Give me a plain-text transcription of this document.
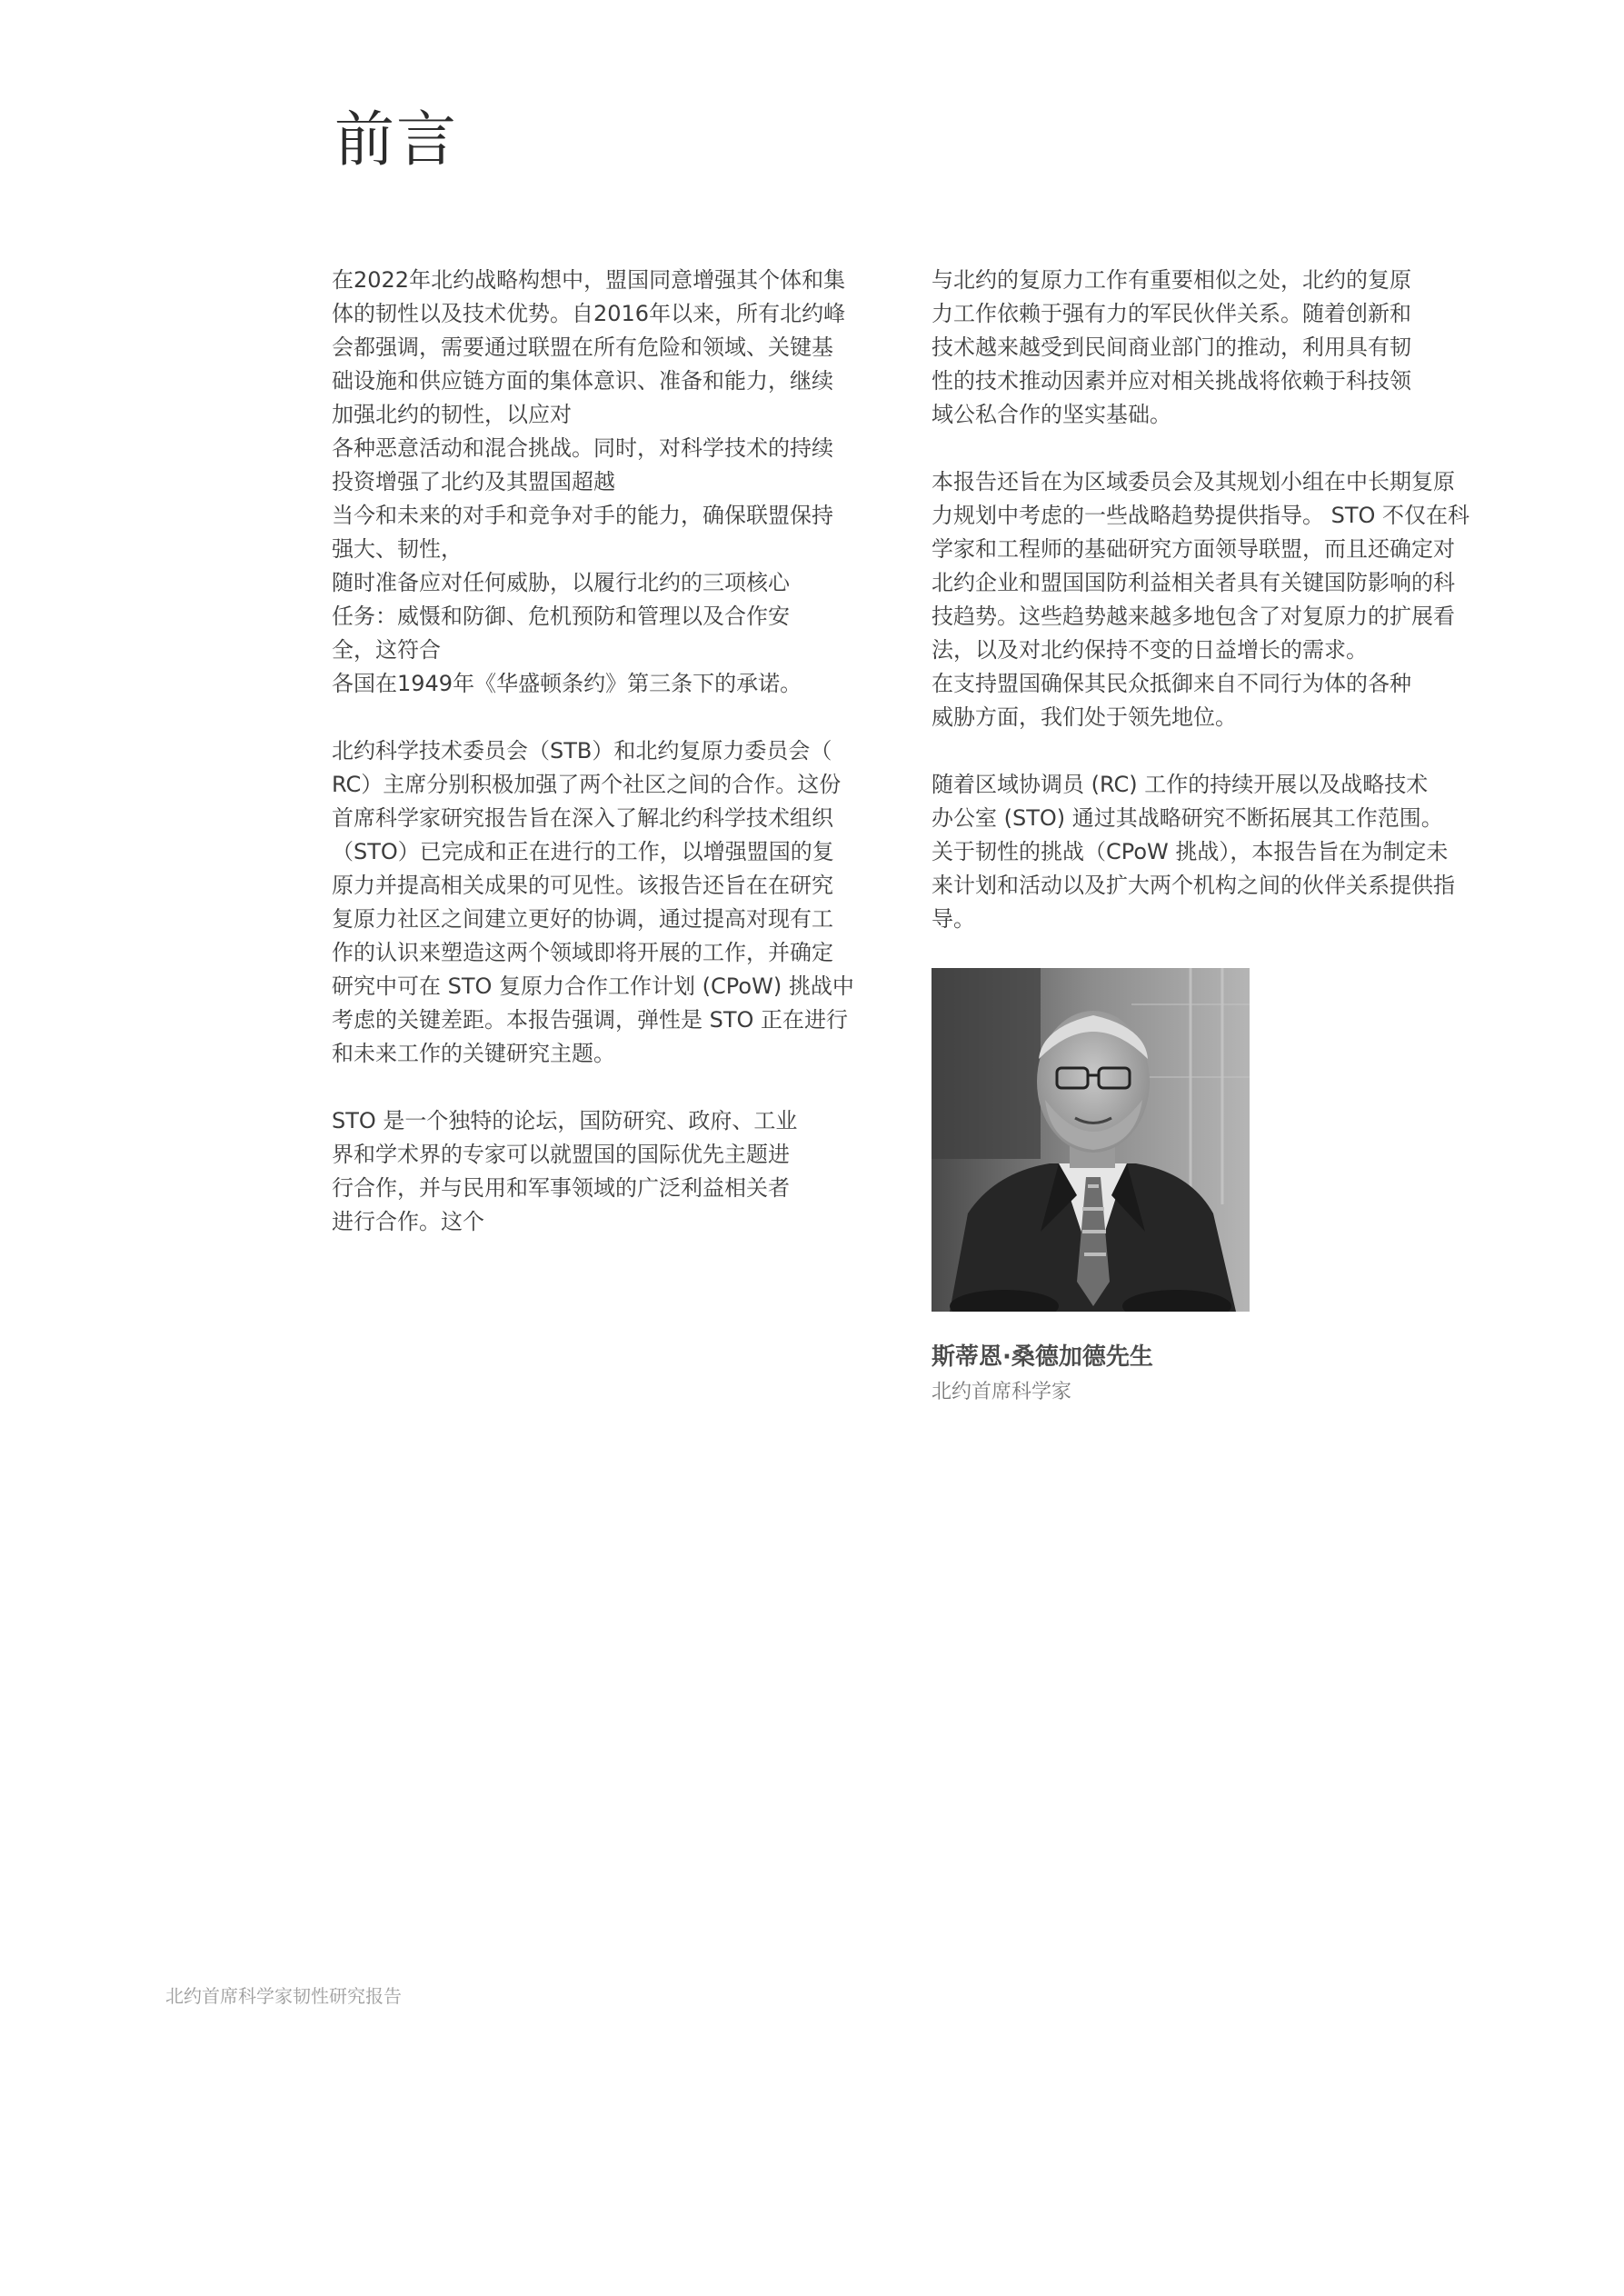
前言

在2022年北约战略构想中，盟国同意增强其个体和集
体的韧性以及技术优势。自2016年以来，所有北约峰
会都强调，需要通过联盟在所有危险和领域、关键基
础设施和供应链方面的集体意识、准备和能力，继续
加强北约的韧性，以应对
各种恶意活动和混合挑战。同时，对科学技术的持续
投资增强了北约及其盟国超越
当今和未来的对手和竞争对手的能力，确保联盟保持
强大、韧性，
随时准备应对任何威胁，以履行北约的三项核心
任务：威慑和防御、危机预防和管理以及合作安
全，这符合
各国在1949年《华盛顿条约》第三条下的承诺。

北约科学技术委员会（STB）和北约复原力委员会（
RC）主席分别积极加强了两个社区之间的合作。这份
首席科学家研究报告旨在深入了解北约科学技术组织
（STO）已完成和正在进行的工作，以增强盟国的复
原力并提高相关成果的可见性。该报告还旨在在研究
复原力社区之间建立更好的协调，通过提高对现有工
作的认识来塑造这两个领域即将开展的工作，并确定
研究中可在 STO 复原力合作工作计划 (CPoW) 挑战中
考虑的关键差距。本报告强调，弹性是 STO 正在进行
和未来工作的关键研究主题。

STO 是一个独特的论坛，国防研究、政府、工业
界和学术界的专家可以就盟国的国际优先主题进
行合作，并与民用和军事领域的广泛利益相关者
进行合作。这个

与北约的复原力工作有重要相似之处，北约的复原
力工作依赖于强有力的军民伙伴关系。随着创新和
技术越来越受到民间商业部门的推动，利用具有韧
性的技术推动因素并应对相关挑战将依赖于科技领
域公私合作的坚实基础。

本报告还旨在为区域委员会及其规划小组在中长期复原
力规划中考虑的一些战略趋势提供指导。 STO 不仅在科
学家和工程师的基础研究方面领导联盟，而且还确定对
北约企业和盟国国防利益相关者具有关键国防影响的科
技趋势。这些趋势越来越多地包含了对复原力的扩展看
法，以及对北约保持不变的日益增长的需求。
在支持盟国确保其民众抵御来自不同行为体的各种
威胁方面，我们处于领先地位。

随着区域协调员 (RC) 工作的持续开展以及战略技术
办公室 (STO) 通过其战略研究不断拓展其工作范围。
关于韧性的挑战（CPoW 挑战），本报告旨在为制定未
来计划和活动以及扩大两个机构之间的伙伴关系提供指
导。

斯蒂恩·桑德加德先生
北约首席科学家
北约首席科学家韧性研究报告
